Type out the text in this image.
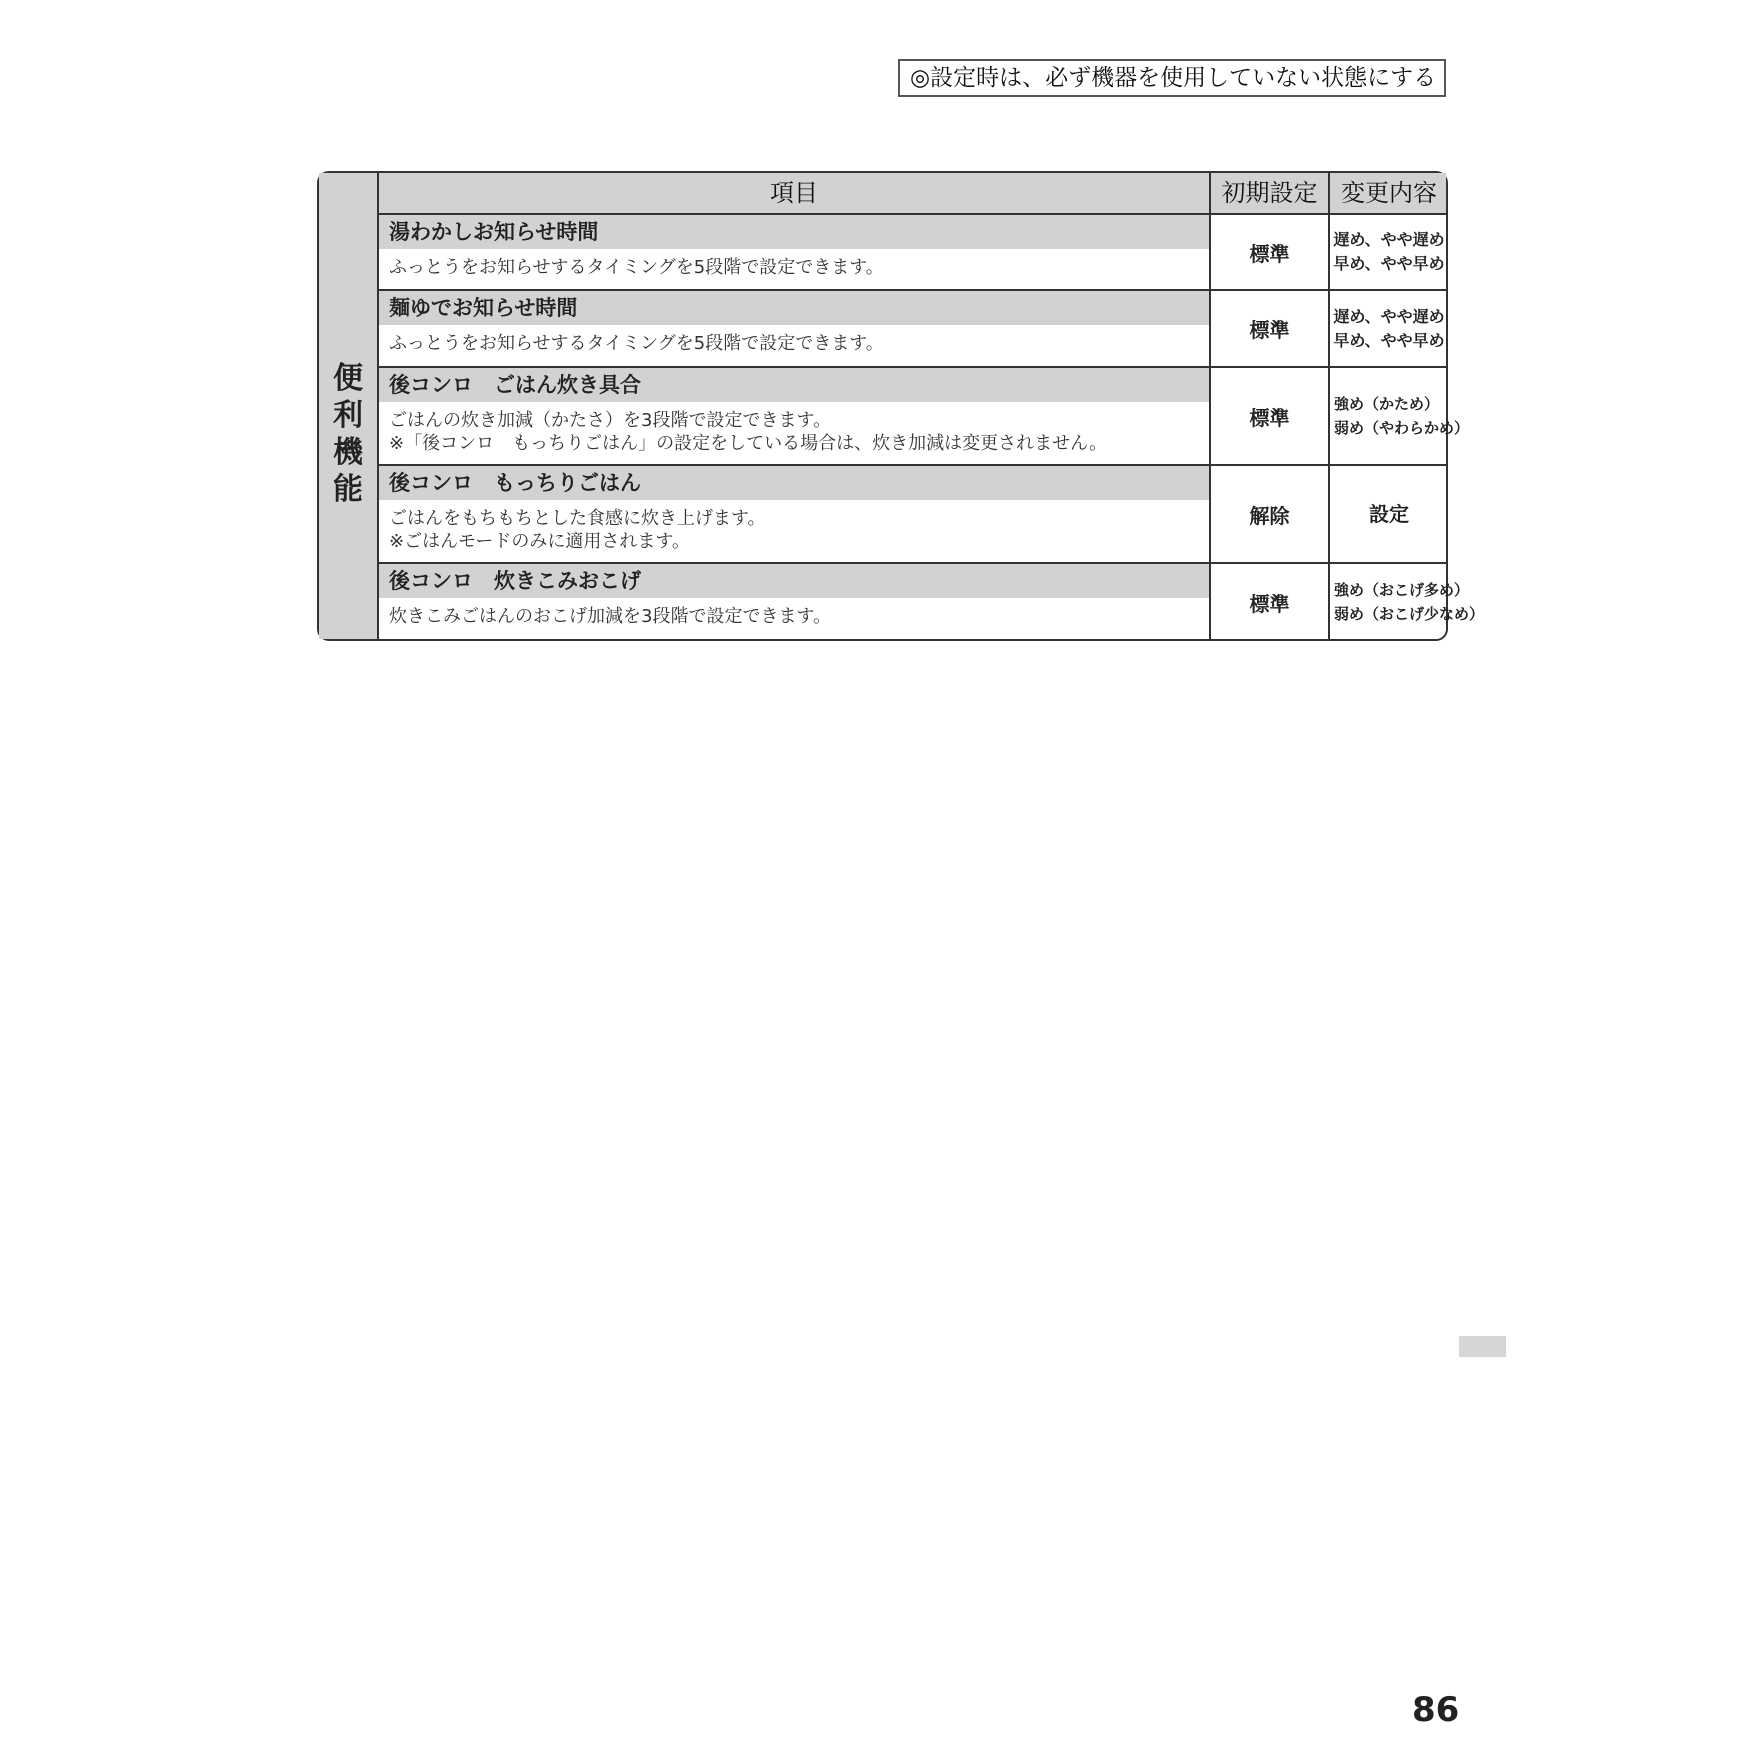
◎設定時は、必ず機器を使用していない状態にする
便
利
機
能
項目	初期設定 変更内容
湯わかしお知らせ時間
ふっとうをお知らせするタイミングを5段階で設定できます。
標準
遅め、やや遅め
早め、やや早め
麺ゆでお知らせ時間
ふっとうをお知らせするタイミングを5段階で設定できます。
標準
遅め、やや遅め
早め、やや早め
後コンロ　ごはん炊き具合
ごはんの炊き加減（かたさ）を3段階で設定できます。
※「後コンロ　もっちりごはん」の設定をしている場合は、炊き加減は変更されません。
標準
強め（かため）
弱め（やわらかめ）
後コンロ　もっちりごはん
ごはんをもちもちとした食感に炊き上げます。
※ごはんモードのみに適用されます。
解除	設定
後コンロ　炊きこみおこげ
炊きこみごはんのおこげ加減を3段階で設定できます。
標準
強め（おこげ多め）
弱め（おこげ少なめ）
86
